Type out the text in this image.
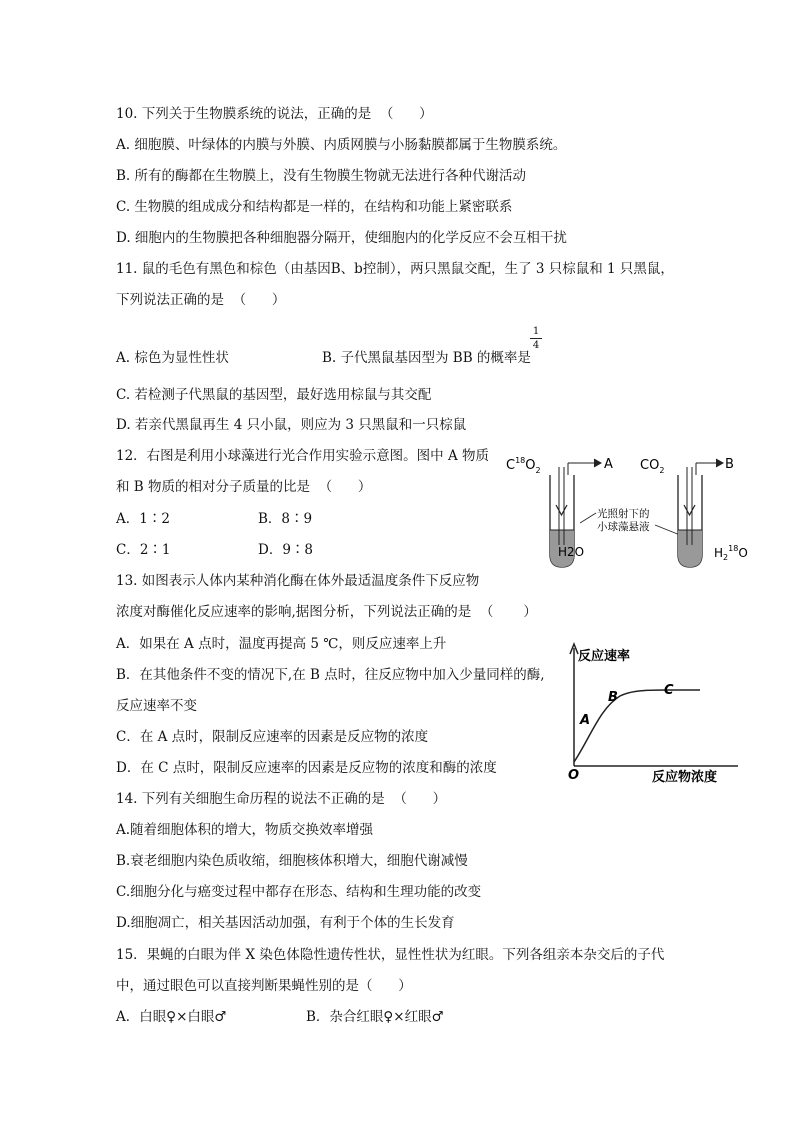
10. 下列关于生物膜系统的说法，正确的是  （      ）
A. 细胞膜、叶绿体的内膜与外膜、内质网膜与小肠黏膜都属于生物膜系统。
B. 所有的酶都在生物膜上，没有生物膜生物就无法进行各种代谢活动
C. 生物膜的组成成分和结构都是一样的，在结构和功能上紧密联系
D. 细胞内的生物膜把各种细胞器分隔开，使细胞内的化学反应不会互相干扰
11. 鼠的毛色有黑色和棕色（由基因B、b控制），两只黑鼠交配，生了 3 只棕鼠和 1 只黑鼠，
下列说法正确的是  （      ）
A. 棕色为显性性状	B. 子代黑鼠基因型为 BB 的概率是
1
4
C. 若检测子代黑鼠的基因型，最好选用棕鼠与其交配
D. 若亲代黑鼠再生 4 只小鼠，则应为 3 只黑鼠和一只棕鼠
12．右图是利用小球藻进行光合作用实验示意图。图中 A 物质
和 B 物质的相对分子质量的比是  （      ）
A．1∶2	B．8∶9
C．2∶1	D．9∶8
$C^{18}O_2$	A
H2O
光照射下的
小球藻悬液
$CO_2$	B
$H_2^{18}O$
13. 如图表示人体内某种消化酶在体外最适温度条件下反应物
浓度对酶催化反应速率的影响,据图分析，下列说法正确的是  （       ）
A．如果在 A 点时，温度再提高 5 ℃，则反应速率上升
B．在其他条件不变的情况下,在 B 点时，往反应物中加入少量同样的酶,
反应速率不变
C．在 A 点时，限制反应速率的因素是反应物的浓度
D．在 C 点时，限制反应速率的因素是反应物的浓度和酶的浓度
反应速率
O	反应物浓度
A
B	C
14. 下列有关细胞生命历程的说法不正确的是  （      ）
A.随着细胞体积的增大，物质交换效率增强
B.衰老细胞内染色质收缩，细胞核体积增大，细胞代谢减慢
C.细胞分化与癌变过程中都存在形态、结构和生理功能的改变
D.细胞凋亡，相关基因活动加强，有利于个体的生长发育
15．果蝇的白眼为伴 X 染色体隐性遗传性状，显性性状为红眼。下列各组亲本杂交后的子代
中，通过眼色可以直接判断果蝇性别的是（      ）
A．白眼♀×白眼♂	B．杂合红眼♀×红眼♂
